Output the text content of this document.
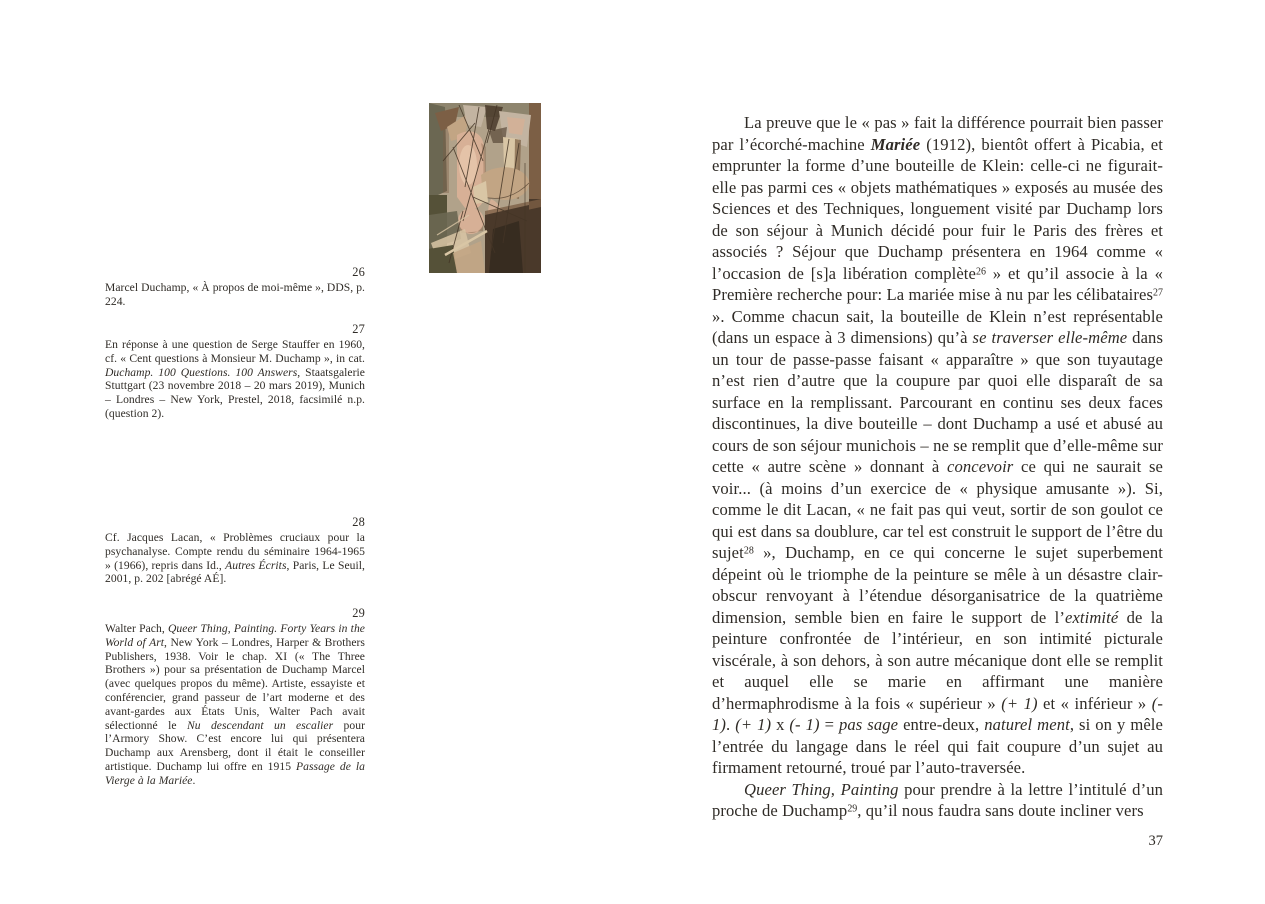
26
Marcel Duchamp, « À propos de moi-même », DDS, p. 224.
27
En réponse à une question de Serge Stauffer en 1960, cf. « Cent questions à Monsieur M. Duchamp », in cat. Duchamp. 100 Questions. 100 Answers, Staatsgalerie Stuttgart (23 novembre 2018 – 20 mars 2019), Munich – Londres – New York, Prestel, 2018, facsimilé n.p. (question 2).
28
Cf. Jacques Lacan, « Problèmes cruciaux pour la psychanalyse. Compte rendu du séminaire 1964-1965 » (1966), repris dans Id., Autres Écrits, Paris, Le Seuil, 2001, p. 202 [abrégé AÉ].
29
Walter Pach, Queer Thing, Painting. Forty Years in the World of Art, New York – Londres, Harper & Brothers Publishers, 1938. Voir le chap. XI (« The Three Brothers ») pour sa présentation de Duchamp Marcel (avec quelques propos du même). Artiste, essayiste et conférencier, grand passeur de l’art moderne et des avant-gardes aux États Unis, Walter Pach avait sélectionné le Nu descendant un escalier pour l’Armory Show. C’est encore lui qui présentera Duchamp aux Arensberg, dont il était le conseiller artistique. Duchamp lui offre en 1915 Passage de la Vierge à la Mariée.

La preuve que le « pas » fait la différence pourrait bien passer par l’écorché-machine Mariée (1912), bientôt offert à Picabia, et emprunter la forme d’une bouteille de Klein: celle-ci ne figurait-elle pas parmi ces « objets mathématiques » exposés au musée des Sciences et des Techniques, longuement visité par Duchamp lors de son séjour à Munich décidé pour fuir le Paris des frères et associés ? Séjour que Duchamp présentera en 1964 comme « l’occasion de [s]a libération complète$^{26}$ » et qu’il associe à la « Première recherche pour: La mariée mise à nu par les célibataires$^{27}$ ». Comme chacun sait, la bouteille de Klein n’est représentable (dans un espace à 3 dimensions) qu’à se traverser elle-même dans un tour de passe-passe faisant « apparaître » que son tuyautage n’est rien d’autre que la coupure par quoi elle disparaît de sa surface en la remplissant. Parcourant en continu ses deux faces discontinues, la dive bouteille – dont Duchamp a usé et abusé au cours de son séjour munichois – ne se remplit que d’elle-même sur cette « autre scène » donnant à concevoir ce qui ne saurait se voir... (à moins d’un exercice de « physique amusante »). Si, comme le dit Lacan, « ne fait pas qui veut, sortir de son goulot ce qui est dans sa doublure, car tel est construit le support de l’être du sujet$^{28}$ », Duchamp, en ce qui concerne le sujet superbement dépeint où le triomphe de la peinture se mêle à un désastre clair-obscur renvoyant à l’étendue désorganisatrice de la quatrième dimension, semble bien en faire le support de l’extimité de la peinture confrontée de l’intérieur, en son intimité picturale viscérale, à son dehors, à son autre mécanique dont elle se remplit et auquel elle se marie en affirmant une manière d’hermaphrodisme à la fois « supérieur » (+ 1) et « inférieur » (- 1). (+ 1) x (- 1) = pas sage entre-deux, naturel ment, si on y mêle l’entrée du langage dans le réel qui fait coupure d’un sujet au firmament retourné, troué par l’auto-traversée.

Queer Thing, Painting pour prendre à la lettre l’intitulé d’un proche de Duchamp$^{29}$, qu’il nous faudra sans doute incliner vers

37
